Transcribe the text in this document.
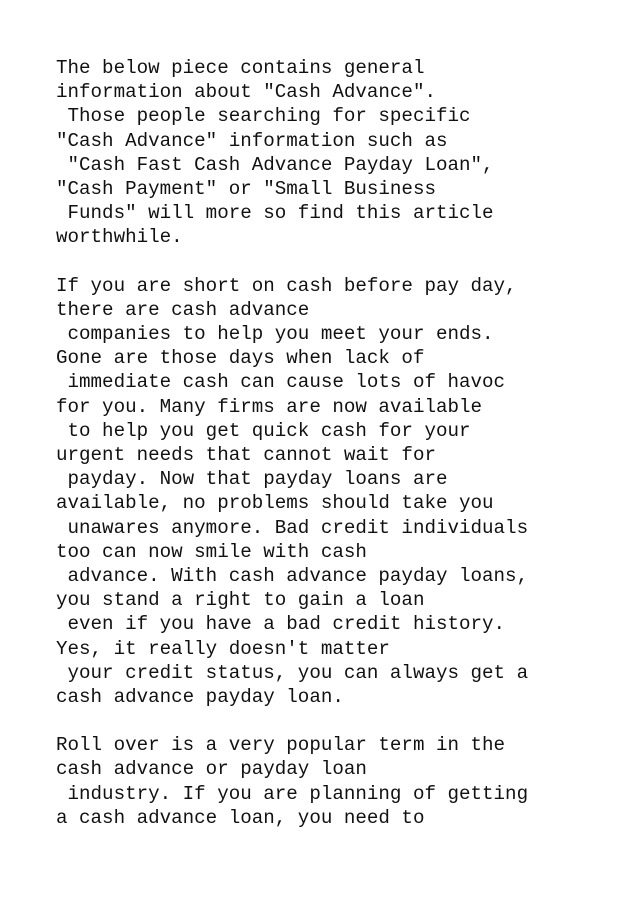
The below piece contains general
information about "Cash Advance".
Those people searching for specific
"Cash Advance" information such as
"Cash Fast Cash Advance Payday Loan",
"Cash Payment" or "Small Business
Funds" will more so find this article
worthwhile.

If you are short on cash before pay day,
there are cash advance
companies to help you meet your ends.
Gone are those days when lack of
immediate cash can cause lots of havoc
for you. Many firms are now available
to help you get quick cash for your
urgent needs that cannot wait for
payday. Now that payday loans are
available, no problems should take you
unawares anymore. Bad credit individuals
too can now smile with cash
advance. With cash advance payday loans,
you stand a right to gain a loan
even if you have a bad credit history.
Yes, it really doesn't matter
your credit status, you can always get a
cash advance payday loan.

Roll over is a very popular term in the
cash advance or payday loan
industry. If you are planning of getting
a cash advance loan, you need to
